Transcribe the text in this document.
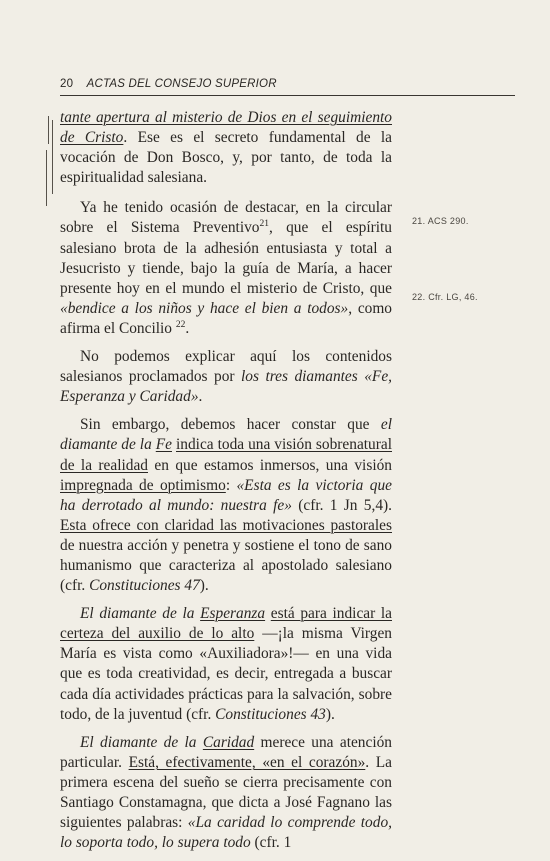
20 ACTAS DEL CONSEJO SUPERIOR

tante apertura al misterio de Dios en el seguimiento de Cristo. Ese es el secreto fundamental de la vocación de Don Bosco, y, por tanto, de toda la espiritualidad salesiana.

Ya he tenido ocasión de destacar, en la circular sobre el Sistema Preventivo$^{21}$, que el espíritu salesiano brota de la adhesión entusiasta y total a Jesucristo y tiende, bajo la guía de María, a hacer presente hoy en el mundo el misterio de Cristo, que «bendice a los niños y hace el bien a todos», como afirma el Concilio $^{22}$.

No podemos explicar aquí los contenidos salesianos proclamados por los tres diamantes «Fe, Esperanza y Caridad».

Sin embargo, debemos hacer constar que el diamante de la Fe indica toda una visión sobrenatural de la realidad en que estamos inmersos, una visión impregnada de optimismo: «Esta es la victoria que ha derrotado al mundo: nuestra fe» (cfr. 1 Jn 5,4). Esta ofrece con claridad las motivaciones pastorales de nuestra acción y penetra y sostiene el tono de sano humanismo que caracteriza al apostolado salesiano (cfr. Constituciones 47).

El diamante de la Esperanza está para indicar la certeza del auxilio de lo alto —¡la misma Virgen María es vista como «Auxiliadora»!— en una vida que es toda creatividad, es decir, entregada a buscar cada día actividades prácticas para la salvación, sobre todo, de la juventud (cfr. Constituciones 43).

El diamante de la Caridad merece una atención particular. Está, efectivamente, «en el corazón». La primera escena del sueño se cierra precisamente con Santiago Constamagna, que dicta a José Fagnano las siguientes palabras: «La caridad lo comprende todo, lo soporta todo, lo supera todo (cfr. 1

21. ACS 290.
22. Cfr. LG, 46.
